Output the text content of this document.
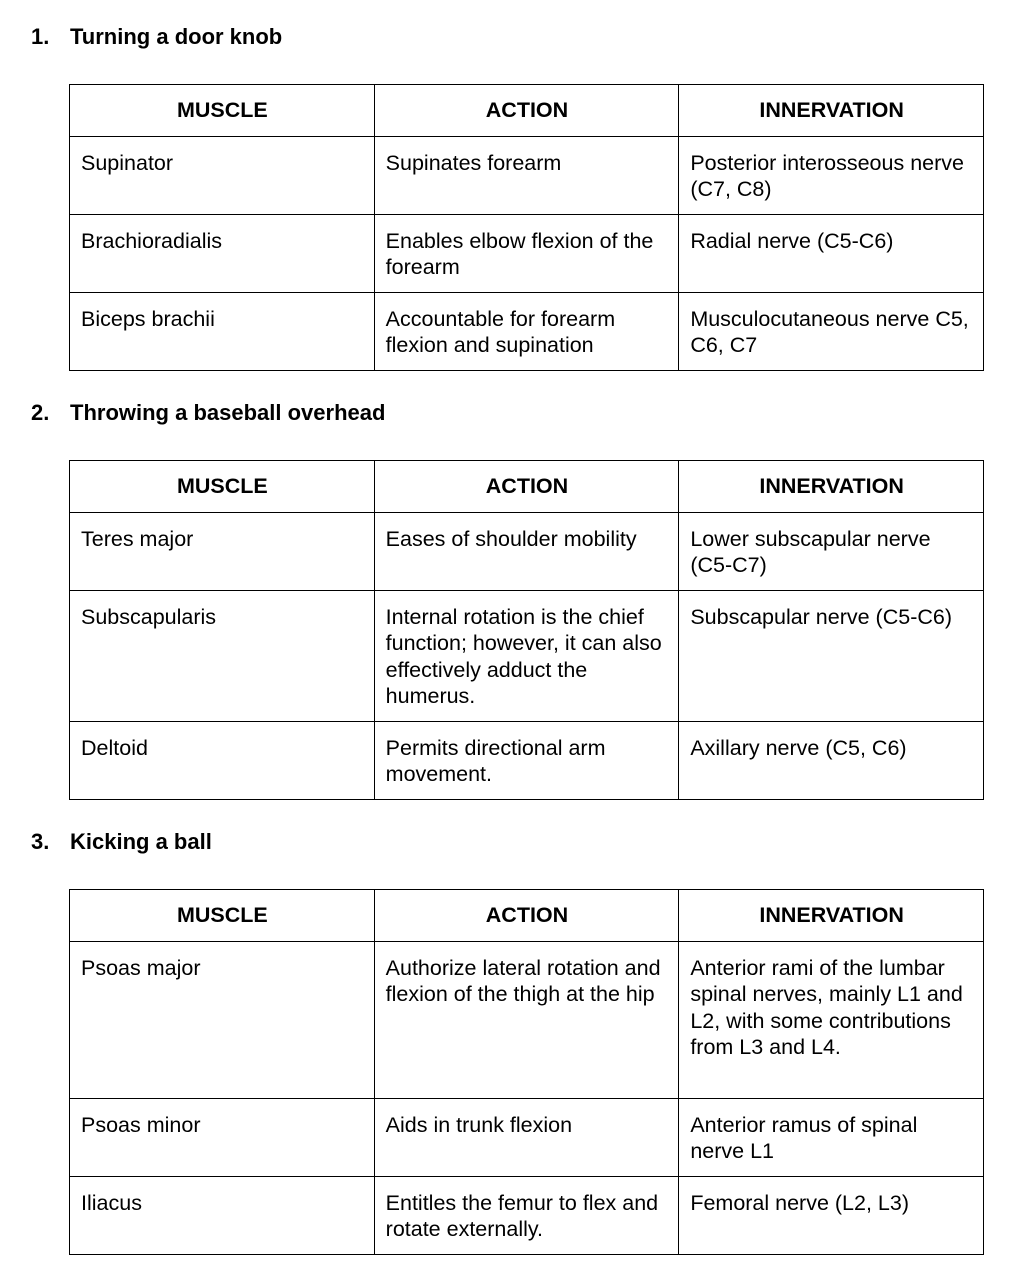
1. Turning a door knob
MUSCLE	ACTION	INNERVATION
Supinator	Supinates forearm	Posterior interosseous nerve (C7, C8)
Brachioradialis	Enables elbow flexion of the forearm	Radial nerve (C5-C6)
Biceps brachii	Accountable for forearm flexion and supination	Musculocutaneous nerve C5, C6, C7
2. Throwing a baseball overhead
MUSCLE	ACTION	INNERVATION
Teres major	Eases of shoulder mobility	Lower subscapular nerve (C5-C7)
Subscapularis	Internal rotation is the chief function; however, it can also effectively adduct the humerus.	Subscapular nerve (C5-C6)
Deltoid	Permits directional arm movement.	Axillary nerve (C5, C6)
3. Kicking a ball
MUSCLE	ACTION	INNERVATION
Psoas major	Authorize lateral rotation and flexion of the thigh at the hip	Anterior rami of the lumbar spinal nerves, mainly L1 and L2, with some contributions from L3 and L4.
Psoas minor	Aids in trunk flexion	Anterior ramus of spinal nerve L1
Iliacus	Entitles the femur to flex and rotate externally.	Femoral nerve (L2, L3)
